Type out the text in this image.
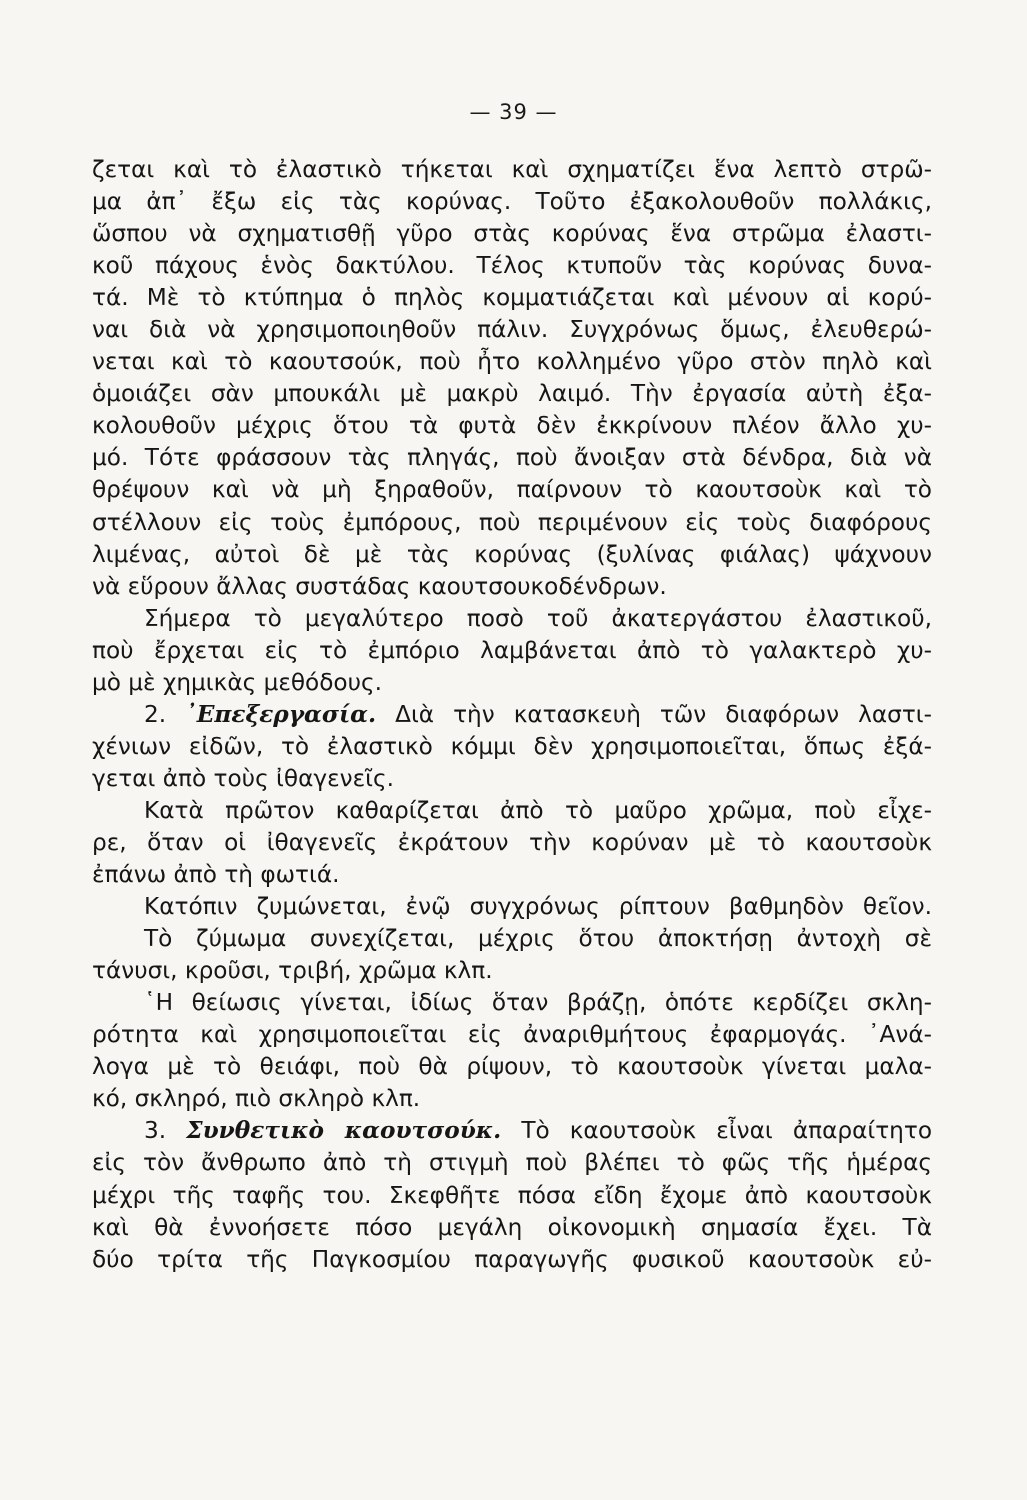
— 39 —
ζεται καὶ τὸ ἐλαστικὸ τήκεται καὶ σχηματίζει ἕνα λεπτὸ στρῶ-
μα ἀπ᾽ ἔξω εἰς τὰς κορύνας. Τοῦτο ἐξακολουθοῦν πολλάκις,
ὥσπου νὰ σχηματισθῇ γῦρο στὰς κορύνας ἕνα στρῶμα ἐλαστι-
κοῦ πάχους ἑνὸς δακτύλου. Τέλος κτυποῦν τὰς κορύνας δυνα-
τά. Μὲ τὸ κτύπημα ὁ πηλὸς κομματιάζεται καὶ μένουν αἱ κορύ-
ναι διὰ νὰ χρησιμοποιηθοῦν πάλιν. Συγχρόνως ὅμως, ἐλευθερώ-
νεται καὶ τὸ καουτσούκ, ποὺ ἦτο κολλημένο γῦρο στὸν πηλὸ καὶ
ὁμοιάζει σὰν μπουκάλι μὲ μακρὺ λαιμό. Τὴν ἐργασία αὐτὴ ἐξα-
κολουθοῦν μέχρις ὅτου τὰ φυτὰ δὲν ἐκκρίνουν πλέον ἄλλο χυ-
μό. Τότε φράσσουν τὰς πληγάς, ποὺ ἄνοιξαν στὰ δένδρα, διὰ νὰ
θρέψουν καὶ νὰ μὴ ξηραθοῦν, παίρνουν τὸ καουτσοὺκ καὶ τὸ
στέλλουν εἰς τοὺς ἐμπόρους, ποὺ περιμένουν εἰς τοὺς διαφόρους
λιμένας, αὐτοὶ δὲ μὲ τὰς κορύνας (ξυλίνας φιάλας) ψάχνουν
νὰ εὕρουν ἄλλας συστάδας καουτσουκοδένδρων.
Σήμερα τὸ μεγαλύτερο ποσὸ τοῦ ἀκατεργάστου ἐλαστικοῦ,
ποὺ ἔρχεται εἰς τὸ ἐμπόριο λαμβάνεται ἀπὸ τὸ γαλακτερὸ χυ-
μὸ μὲ χημικὰς μεθόδους.
2. ᾽Επεξεργασία. Διὰ τὴν κατασκευὴ τῶν διαφόρων λαστι-
χένιων εἰδῶν, τὸ ἐλαστικὸ κόμμι δὲν χρησιμοποιεῖται, ὅπως ἐξά-
γεται ἀπὸ τοὺς ἰθαγενεῖς.
Κατὰ πρῶτον καθαρίζεται ἀπὸ τὸ μαῦρο χρῶμα, ποὺ εἶχε-
ρε, ὅταν οἱ ἰθαγενεῖς ἐκράτουν τὴν κορύναν μὲ τὸ καουτσοὺκ
ἐπάνω ἀπὸ τὴ φωτιά.
Κατόπιν ζυμώνεται, ἐνῷ συγχρόνως ρίπτουν βαθμηδὸν θεῖον.
Τὸ ζύμωμα συνεχίζεται, μέχρις ὅτου ἀποκτήσῃ ἀντοχὴ σὲ
τάνυσι, κροῦσι, τριβή, χρῶμα κλπ.
῾Η θείωσις γίνεται, ἰδίως ὅταν βράζῃ, ὁπότε κερδίζει σκλη-
ρότητα καὶ χρησιμοποιεῖται εἰς ἀναριθμήτους ἐφαρμογάς. ᾽Ανά-
λογα μὲ τὸ θειάφι, ποὺ θὰ ρίψουν, τὸ καουτσοὺκ γίνεται μαλα-
κό, σκληρό, πιὸ σκληρὸ κλπ.
3. Συνθετικὸ καουτσούκ. Τὸ καουτσοὺκ εἶναι ἀπαραίτητο
εἰς τὸν ἄνθρωπο ἀπὸ τὴ στιγμὴ ποὺ βλέπει τὸ φῶς τῆς ἡμέρας
μέχρι τῆς ταφῆς του. Σκεφθῆτε πόσα εἴδη ἔχομε ἀπὸ καουτσοὺκ
καὶ θὰ ἐννοήσετε πόσο μεγάλη οἰκονομικὴ σημασία ἔχει. Τὰ
δύο τρίτα τῆς Παγκοσμίου παραγωγῆς φυσικοῦ καουτσοὺκ εὐ-
